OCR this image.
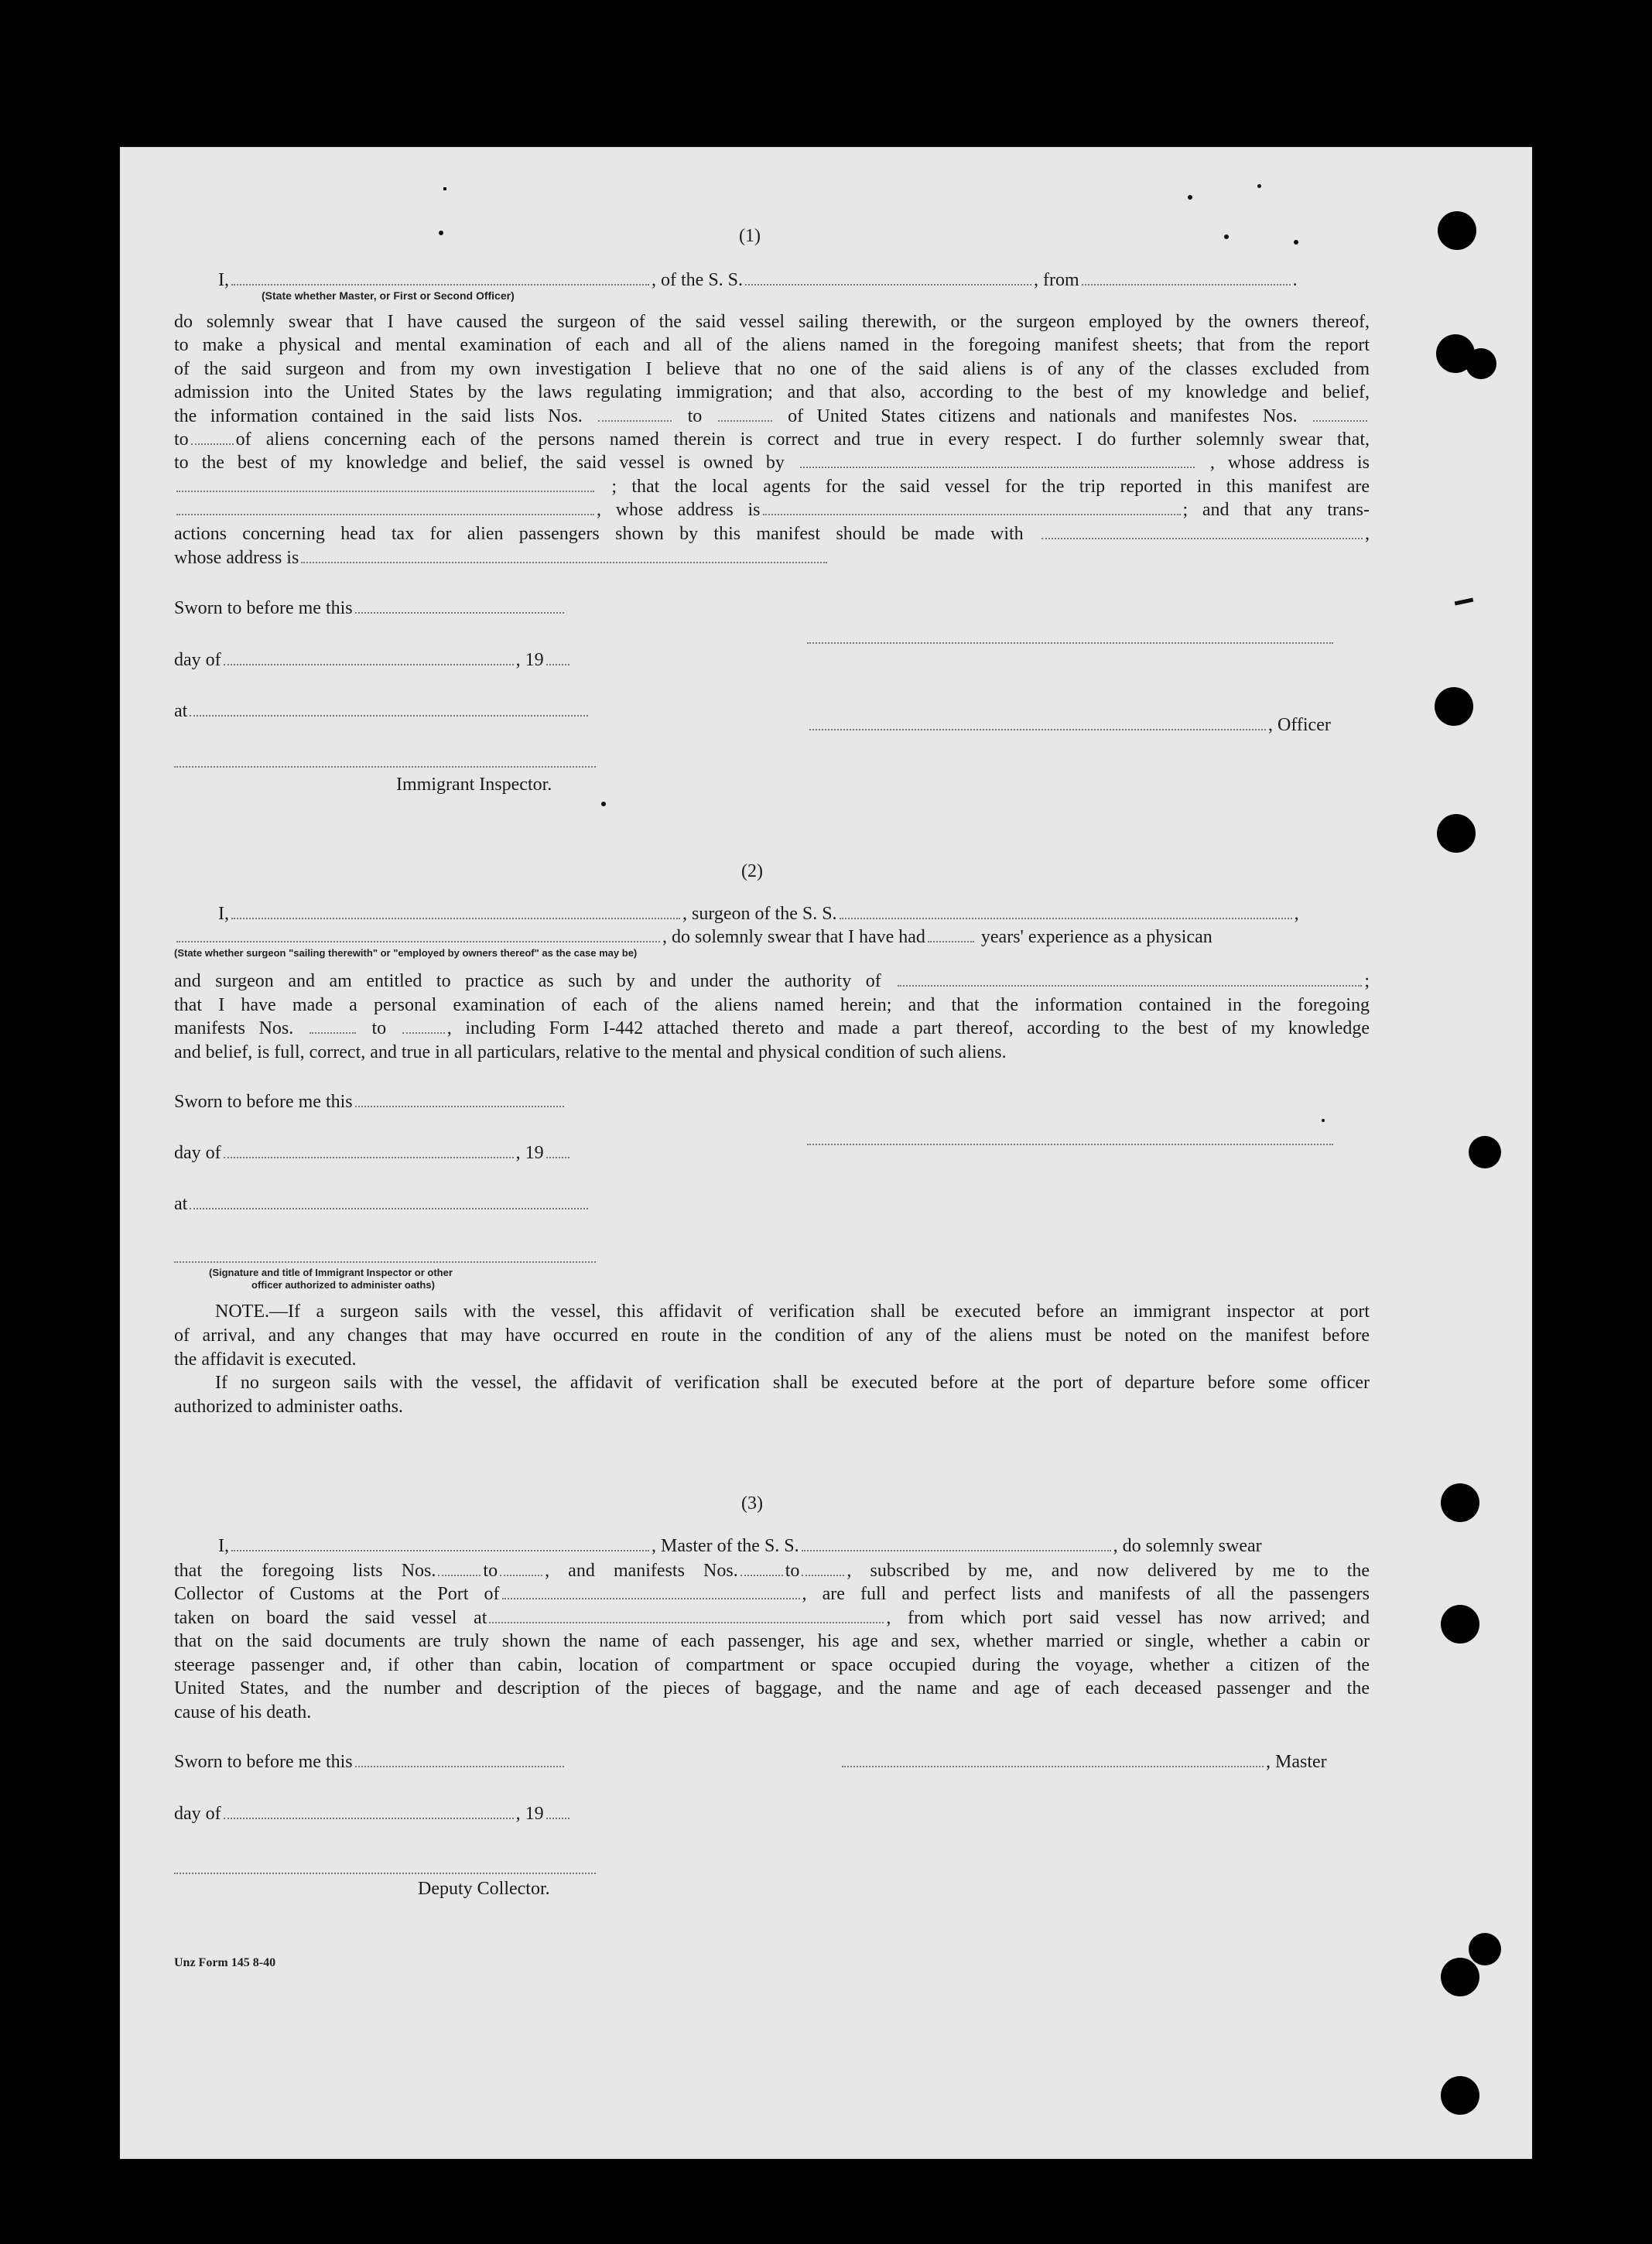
(1)
I,	, of the S. S.	, from	.
(State whether Master, or First or Second Officer)
do solemnly swear that I have caused the surgeon of the said vessel sailing therewith, or the surgeon employed by the owners thereof,
to make a physical and mental examination of each and all of the aliens named in the foregoing manifest sheets; that from the report
of the said surgeon and from my own investigation I believe that no one of the said aliens is of any of the classes excluded from
admission into the United States by the laws regulating immigration; and that also, according to the best of my knowledge and belief,
the information contained in the said lists Nos.	to	of United States citizens and nationals and manifestes Nos.
to	of aliens concerning each of the persons named therein is correct and true in every respect. I do further solemnly swear that,
to the best of my knowledge and belief, the said vessel is owned by	, whose address is
; that the local agents for the said vessel for the trip reported in this manifest are
, whose address is	; and that any trans-
actions concerning head tax for alien passengers shown by this manifest should be made with	,
whose address is
Sworn to before me this
day of	, 19
at
, Officer
Immigrant Inspector.
(2)
I,	, surgeon of the S. S.	,
, do solemnly swear that I have had	years' experience as a physican
(State whether surgeon "sailing therewith" or "employed by owners thereof" as the case may be)
and surgeon and am entitled to practice as such by and under the authority of	;
that I have made a personal examination of each of the aliens named herein; and that the information contained in the foregoing
manifests Nos.	to	, including Form I-442 attached thereto and made a part thereof, according to the best of my knowledge
and belief, is full, correct, and true in all particulars, relative to the mental and physical condition of such aliens.
Sworn to before me this
day of	, 19
at
(Signature and title of Immigrant Inspector or other
officer authorized to administer oaths)
NOTE.—If a surgeon sails with the vessel, this affidavit of verification shall be executed before an immigrant inspector at port
of arrival, and any changes that may have occurred en route in the condition of any of the aliens must be noted on the manifest before
the affidavit is executed.
If no surgeon sails with the vessel, the affidavit of verification shall be executed before at the port of departure before some officer
authorized to administer oaths.
(3)
I,	, Master of the S. S.	, do solemnly swear
that the foregoing lists Nos.	to	, and manifests Nos.	to	, subscribed by me, and now delivered by me to the
Collector of Customs at the Port of	, are full and perfect lists and manifests of all the passengers
taken on board the said vessel at	, from which port said vessel has now arrived; and
that on the said documents are truly shown the name of each passenger, his age and sex, whether married or single, whether a cabin or
steerage passenger and, if other than cabin, location of compartment or space occupied during the voyage, whether a citizen of the
United States, and the number and description of the pieces of baggage, and the name and age of each deceased passenger and the
cause of his death.
Sworn to before me this	, Master
day of	, 19
Deputy Collector.
Unz Form 145 8-40
